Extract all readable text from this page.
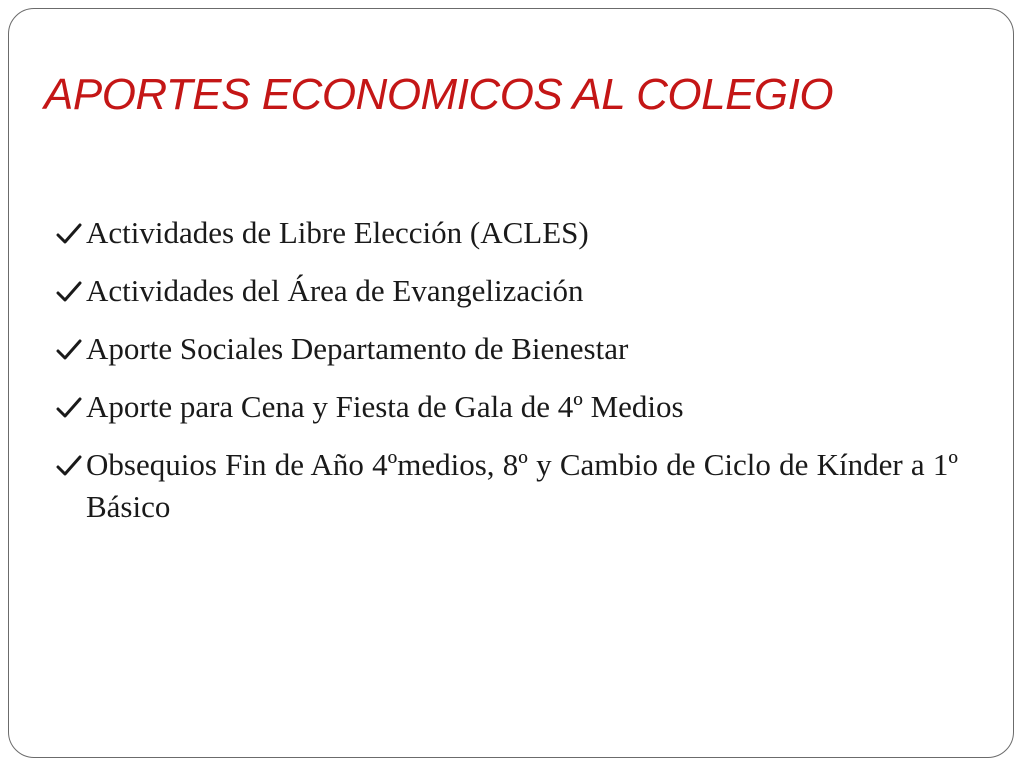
APORTES ECONOMICOS AL COLEGIO
Actividades de Libre Elección (ACLES)
Actividades del Área de Evangelización
Aporte Sociales Departamento de Bienestar
Aporte para Cena y Fiesta de Gala de 4º Medios
Obsequios Fin de Año 4ºmedios, 8º y Cambio de Ciclo de Kínder a 1º Básico
